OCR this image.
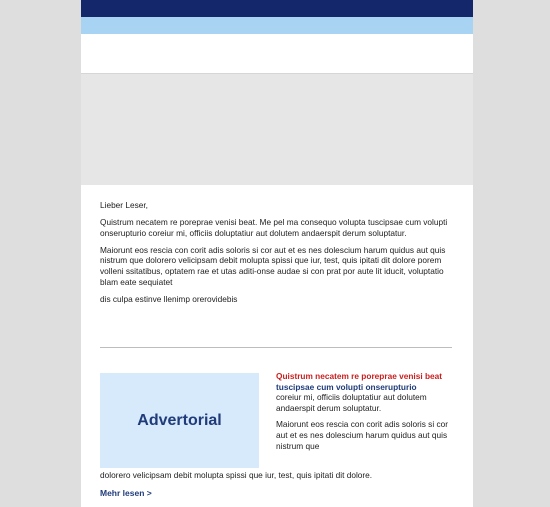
Lieber Leser,

Quistrum necatem re poreprae venisi beat. Me pel ma consequo volupta tuscipsae cum volupti onserupturio coreiur mi, officiis doluptatiur aut dolutem andaerspit derum soluptatur.

Maiorunt eos rescia con corit adis soloris si cor aut et es nes dolescium harum quidus aut quis nistrum que dolorero velicipsam debit molupta spissi que iur, test, quis ipitati dit dolore porem volleni ssitatibus, optatem rae et utas aditi-onse audae si con prat por aute lit iducit, voluptatio blam eate sequiatet

dis culpa estinve llenimp orerovidebis

Advertorial
Quistrum necatem re poreprae venisi beat
tuscipsae cum volupti onserupturio

coreiur mi, officiis doluptatiur aut dolutem andaerspit derum soluptatur.

Maiorunt eos rescia con corit adis soloris si cor aut et es nes dolescium harum quidus aut quis nistrum que

dolorero velicipsam debit molupta spissi que iur, test, quis ipitati dit dolore.
Mehr lesen >
